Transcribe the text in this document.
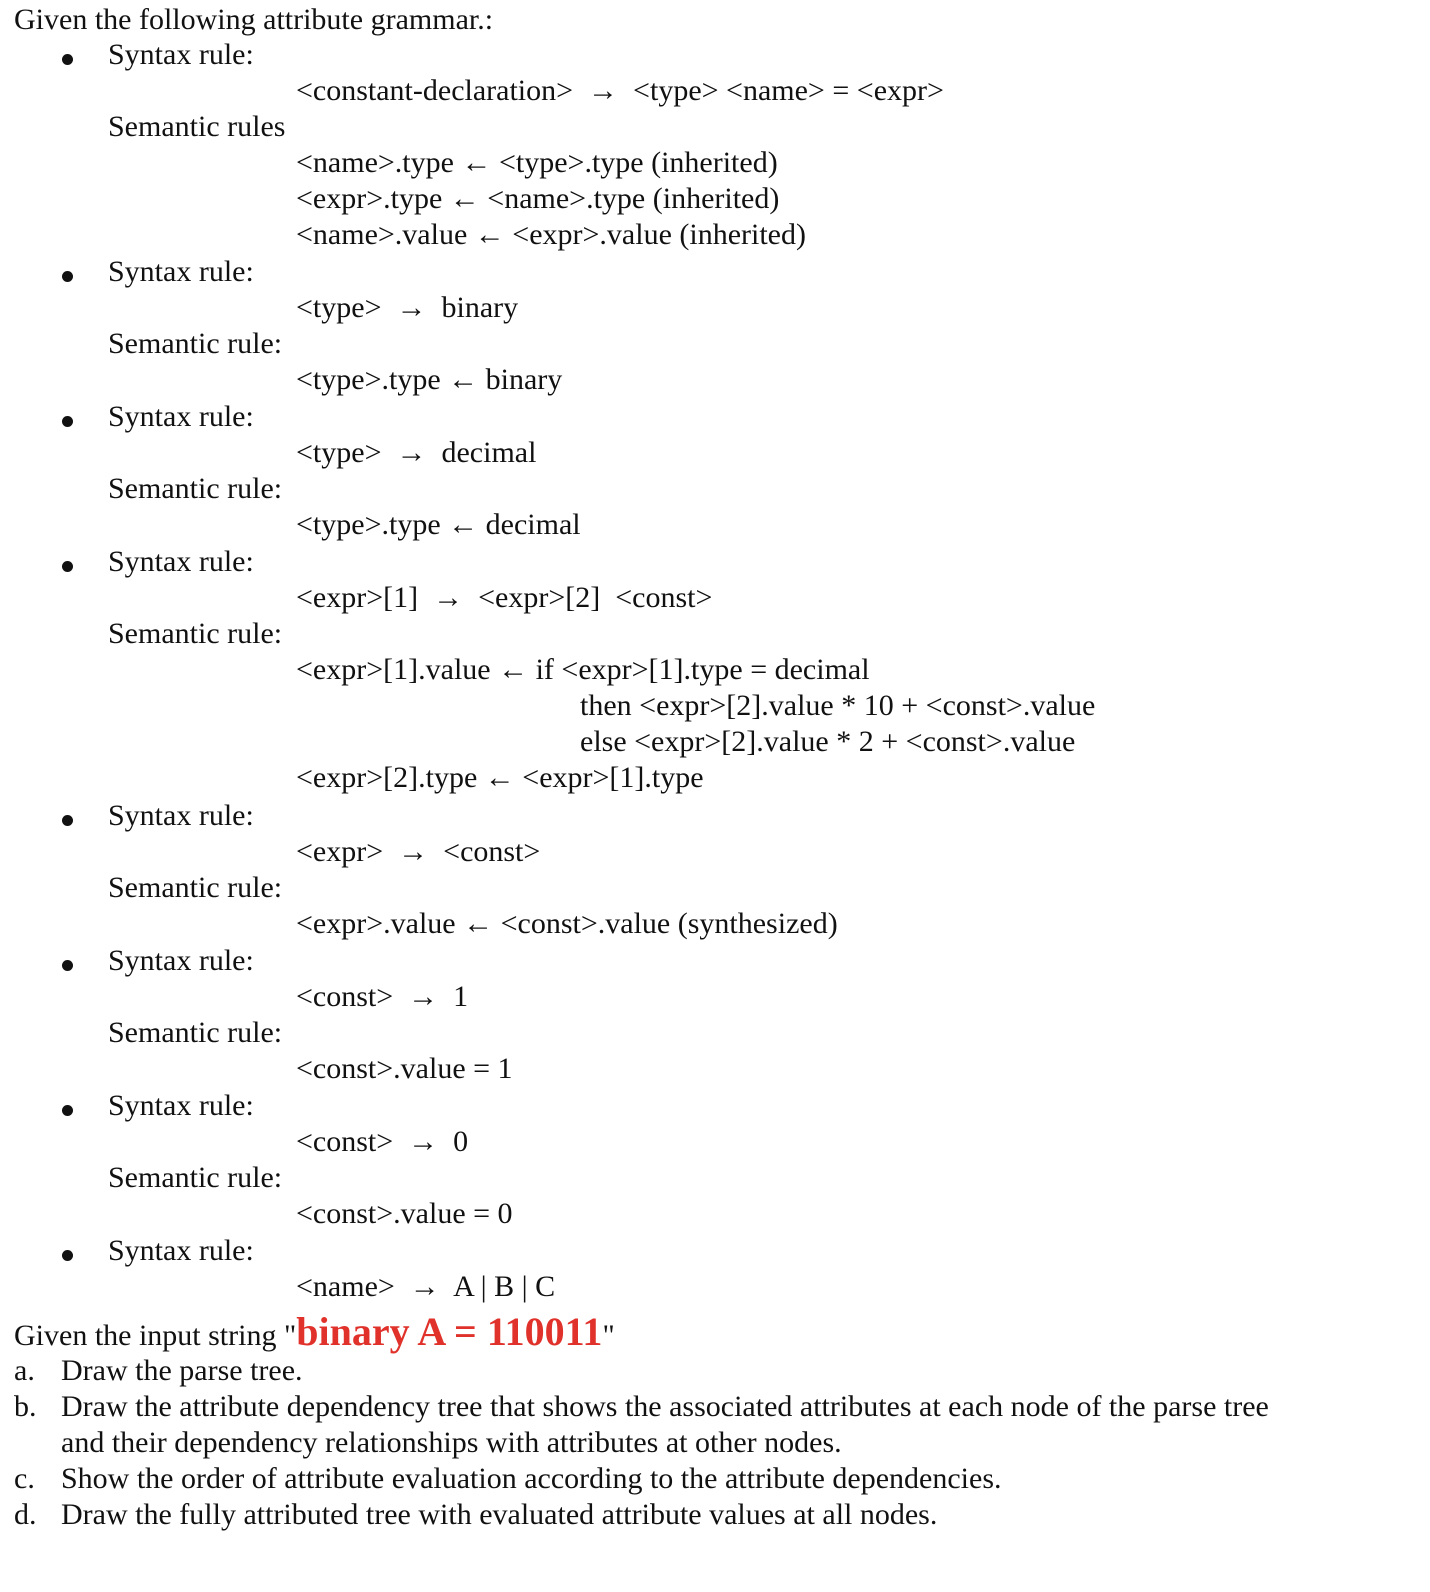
Given the following attribute grammar.:
Syntax rule:
<constant-declaration>  →  <type> <name> = <expr>
Semantic rules
<name>.type ← <type>.type (inherited)
<expr>.type ← <name>.type (inherited)
<name>.value ← <expr>.value (inherited)
Syntax rule:
<type>  →  binary
Semantic rule:
<type>.type ← binary
Syntax rule:
<type>  →  decimal
Semantic rule:
<type>.type ← decimal
Syntax rule:
<expr>[1]  →  <expr>[2]  <const>
Semantic rule:
<expr>[1].value ← if <expr>[1].type = decimal
then <expr>[2].value * 10 + <const>.value
else <expr>[2].value * 2 + <const>.value
<expr>[2].type ← <expr>[1].type
Syntax rule:
<expr>  →  <const>
Semantic rule:
<expr>.value ← <const>.value (synthesized)
Syntax rule:
<const>  →  1
Semantic rule:
<const>.value = 1
Syntax rule:
<const>  →  0
Semantic rule:
<const>.value = 0
Syntax rule:
<name>  →  A | B | C
Given the input string "binary A = 110011"
a. Draw the parse tree.
b. Draw the attribute dependency tree that shows the associated attributes at each node of the parse tree
and their dependency relationships with attributes at other nodes.
c. Show the order of attribute evaluation according to the attribute dependencies.
d. Draw the fully attributed tree with evaluated attribute values at all nodes.
